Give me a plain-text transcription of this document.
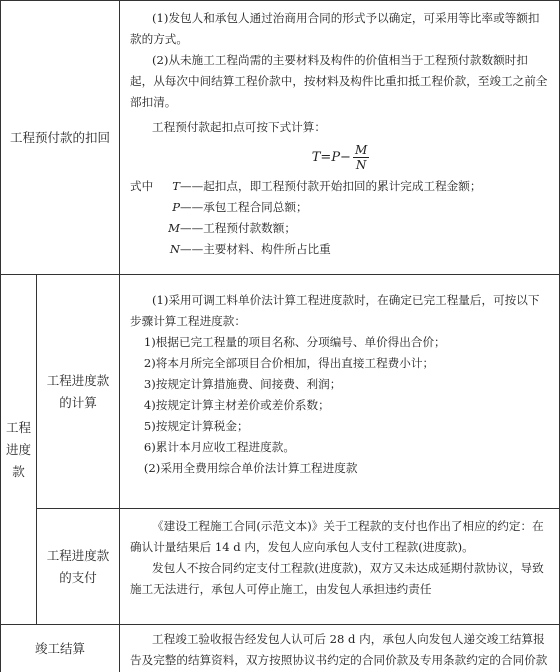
工程预付款的扣回

(1)发包人和承包人通过治商用合同的形式予以确定，可采用等比率或等额扣款的方式。

(2)从未施工工程尚需的主要材料及构件的价值相当于工程预付款数额时扣起，从每次中间结算工程价款中，按材料及构件比重扣抵工程价款，至竣工之前全部扣清。

工程预付款起扣点可按下式计算：

$T=P- \frac{M}{N}$
式中	T ——起扣点，即工程预付款开始扣回的累计完成工程金额；
P ——承包工程合同总额；
M ——工程预付款数额；
N ——主要材料、构件所占比重
工程
进度
款
工程进度款
的计算

(1)采用可调工料单价法计算工程进度款时，在确定已完工程量后，可按以下步骤计算工程进度款：

1)根据已完工程量的项目名称、分项编号、单价得出合价；

2)将本月所完全部项目合价相加，得出直接工程费小计；

3)按规定计算措施费、间接费、利润；

4)按规定计算主材差价或差价系数；

5)按规定计算税金；

6)累计本月应收工程进度款。

(2)采用全费用综合单价法计算工程进度款

工程进度款
的支付

《建设工程施工合同(示范文本)》关于工程款的支付也作出了相应的约定：在确认计量结果后 14 d 内，发包人应向承包人支付工程款(进度款)。

发包人不按合同约定支付工程款(进度款)，双方又未达成延期付款协议，导致施工无法进行，承包人可停止施工，由发包人承担违约责任

竣工结算

工程竣工验收报告经发包人认可后 28 d 内，承包人向发包人递交竣工结算报告及完整的结算资料，双方按照协议书约定的合同价款及专用条款约定的合同价款
